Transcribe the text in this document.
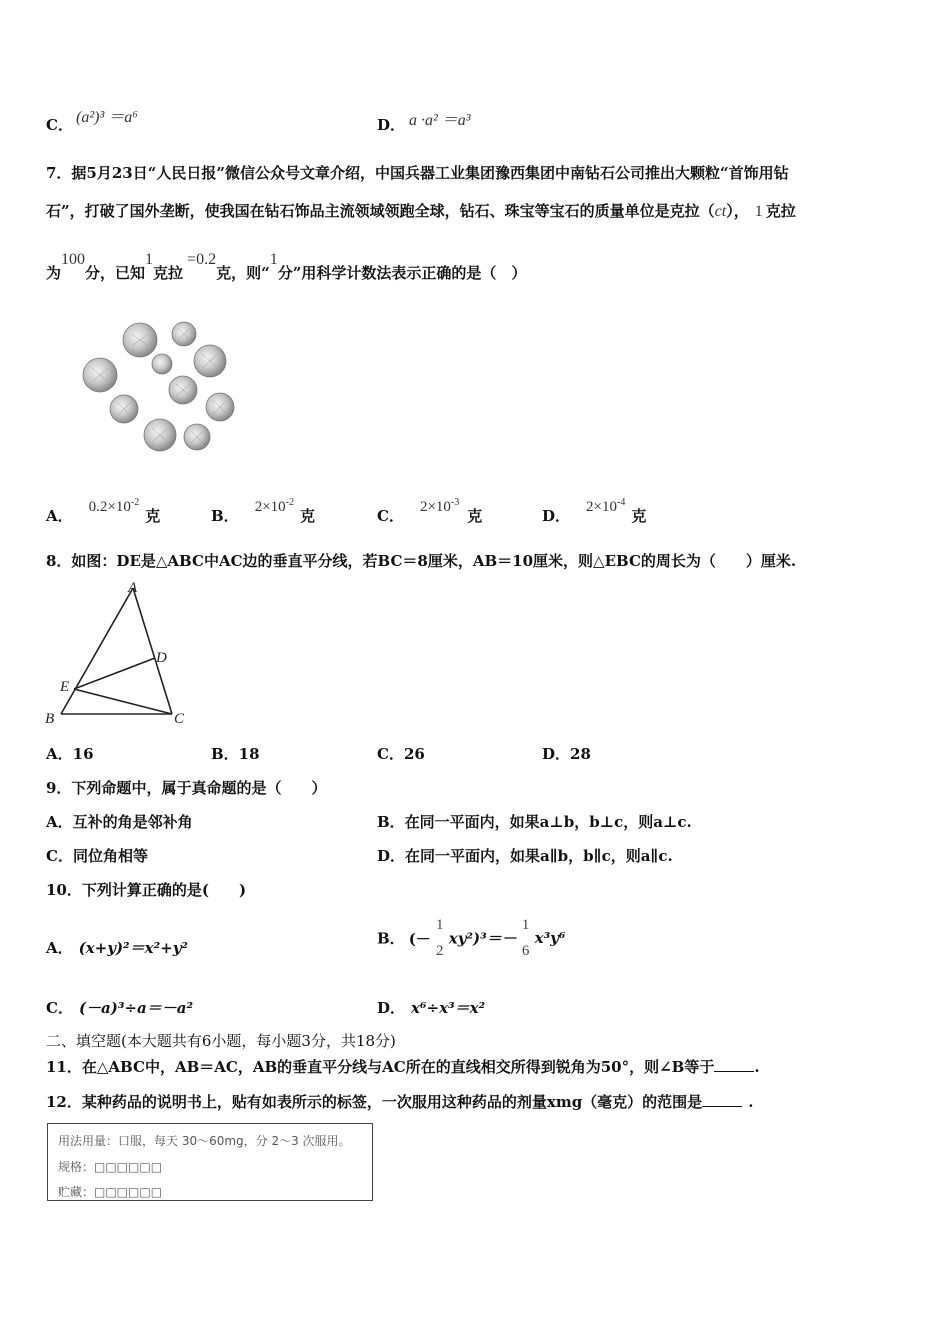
C． (a²)³ ＝a⁶	D． a ·a² ＝a³
7．据5月23日“人民日报”微信公众号文章介绍，中国兵器工业集团豫西集团中南钻石公司推出大颗粒“首饰用钻
石”，打破了国外垄断，使我国在钻石饰品主流领域领跑全球，钻石、珠宝等宝石的质量单位是克拉（ct）， 1 克拉
为100分，已知1克拉=0.2克，则“1分”用科学计数法表示正确的是（　）
A． $0.2\times 10^{-2}$克	B． $2\times 10^{-2}$克	C． $2\times 10^{-3}$克	D． $2\times 10^{-4}$克
8．如图：DE是△ABC中AC边的垂直平分线，若BC＝8厘米，AB＝10厘米，则△EBC的周长为（　　）厘米.
A
D
E
B	C
A．16	B．18	C．26	D．28
9．下列命题中，属于真命题的是（　　）
A．互补的角是邻补角	B．在同一平面内，如果a⊥b，b⊥c，则a⊥c.
C．同位角相等	D．在同一平面内，如果a∥b，b∥c，则a∥c.
10．下列计算正确的是(　　)
A． (x+y)²＝x²+y²
B． (－
1
2
xy²)³＝－
1
6
x³y⁶
C． (－a)³÷a＝－a²	D． x⁶÷x³＝x²
二、填空题(本大题共有6小题，每小题3分，共18分)
11．在△ABC中，AB＝AC，AB的垂直平分线与AC所在的直线相交所得到锐角为50°，则∠B等于	.
12．某种药品的说明书上，贴有如表所示的标签，一次服用这种药品的剂量xmg（毫克）的范围是	.
用法用量：口服，每天 30～60mg，分 2～3 次服用。
规格：□□□□□□
贮藏：□□□□□□
